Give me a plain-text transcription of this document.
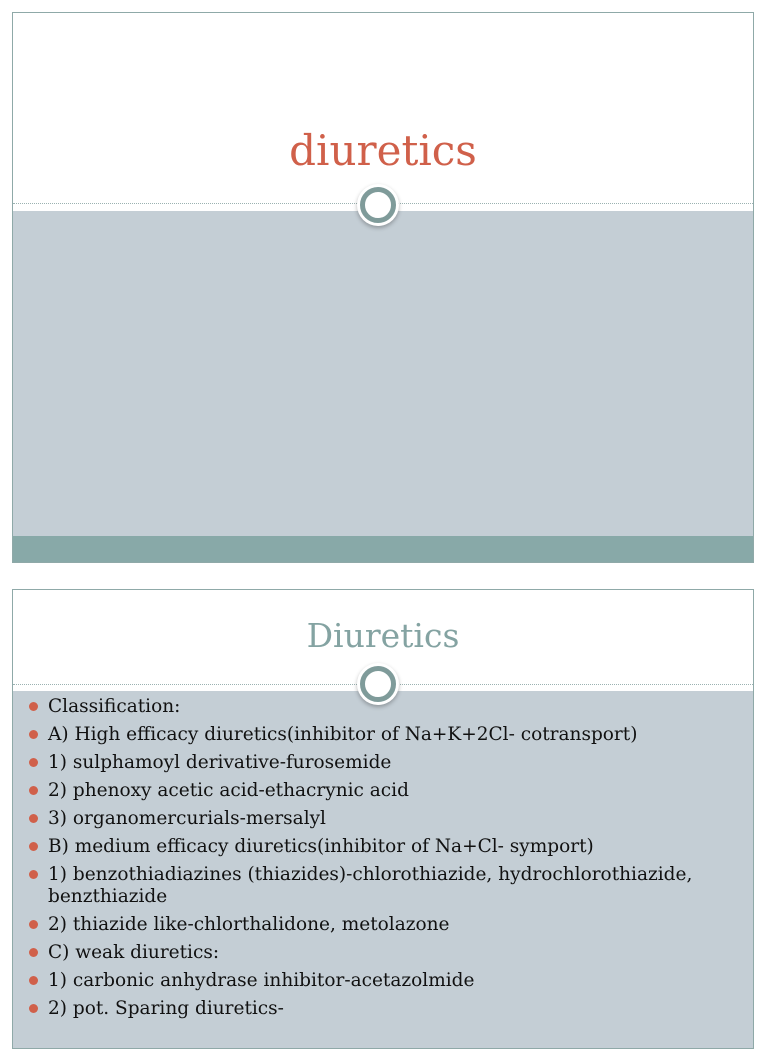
diuretics
Diuretics
Classification:
A) High efficacy diuretics(inhibitor of Na+K+2Cl- cotransport)
1) sulphamoyl derivative-furosemide
2) phenoxy acetic acid-ethacrynic acid
3) organomercurials-mersalyl
B) medium efficacy diuretics(inhibitor of Na+Cl- symport)
1) benzothiadiazines (thiazides)-chlorothiazide, hydrochlorothiazide, benzthiazide
2) thiazide like-chlorthalidone, metolazone
C) weak diuretics:
1) carbonic anhydrase inhibitor-acetazolmide
2) pot. Sparing diuretics-
